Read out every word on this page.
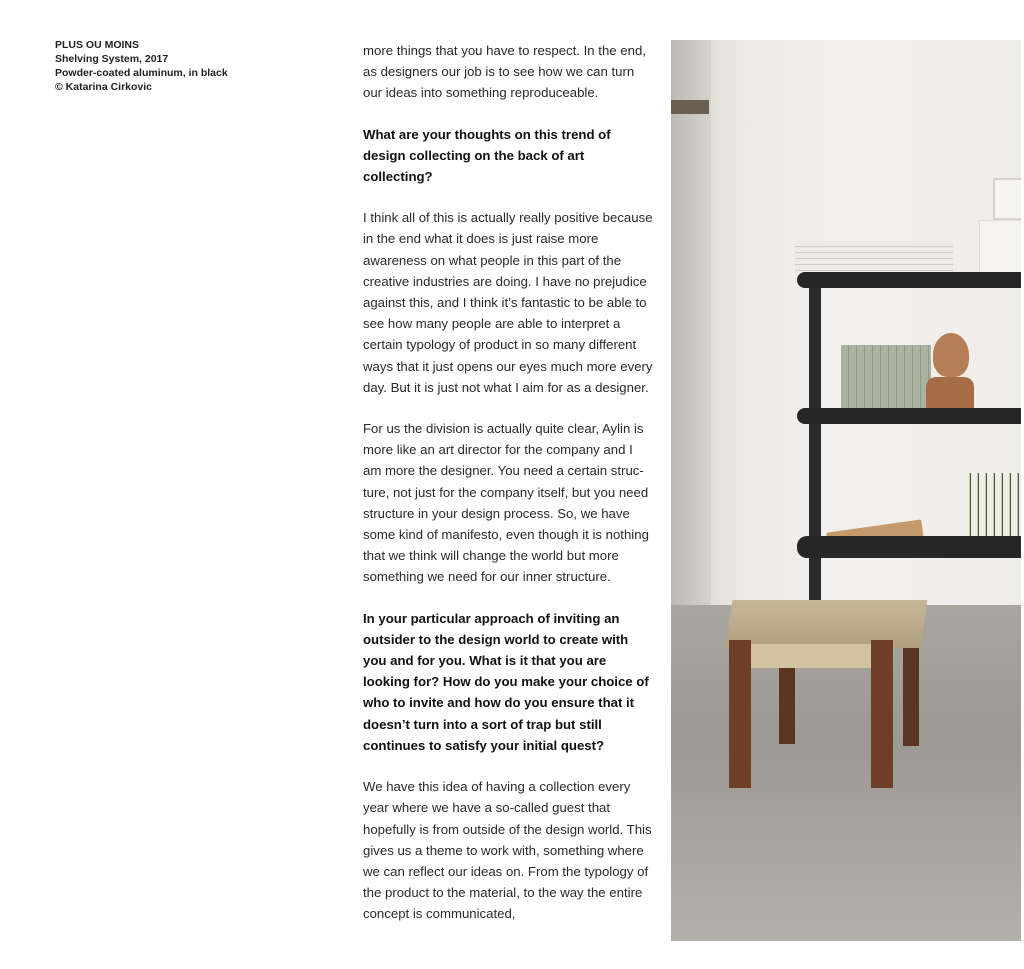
PLUS OU MOINS
Shelving System, 2017
Powder-coated aluminum, in black
© Katarina Cirkovic

more things that you have to respect. In the end, as designers our job is to see how we can turn our ideas into something reproduceable.

What are your thoughts on this trend of design collecting on the back of art collecting?

I think all of this is actually really positive because in the end what it does is just raise more awareness on what people in this part of the creative industries are doing. I have no prejudice against this, and I think it’s fantastic to be able to see how many people are able to interpret a certain typology of product in so many different ways that it just opens our eyes much more every day. But it is just not what I aim for as a designer.

For us the division is actually quite clear, Aylin is more like an art director for the company and I am more the designer. You need a certain struc-ture, not just for the company itself, but you need structure in your design process. So, we have some kind of manifesto, even though it is nothing that we think will change the world but more something we need for our inner structure.

In your particular approach of inviting an outsider to the design world to create with you and for you. What is it that you are looking for? How do you make your choice of who to invite and how do you ensure that it doesn’t turn into a sort of trap but still continues to satisfy your initial quest?

We have this idea of having a collection every year where we have a so-called guest that hopefully is from outside of the design world. This gives us a theme to work with, something where we can reflect our ideas on. From the typology of the product to the material, to the way the entire concept is communicated,
